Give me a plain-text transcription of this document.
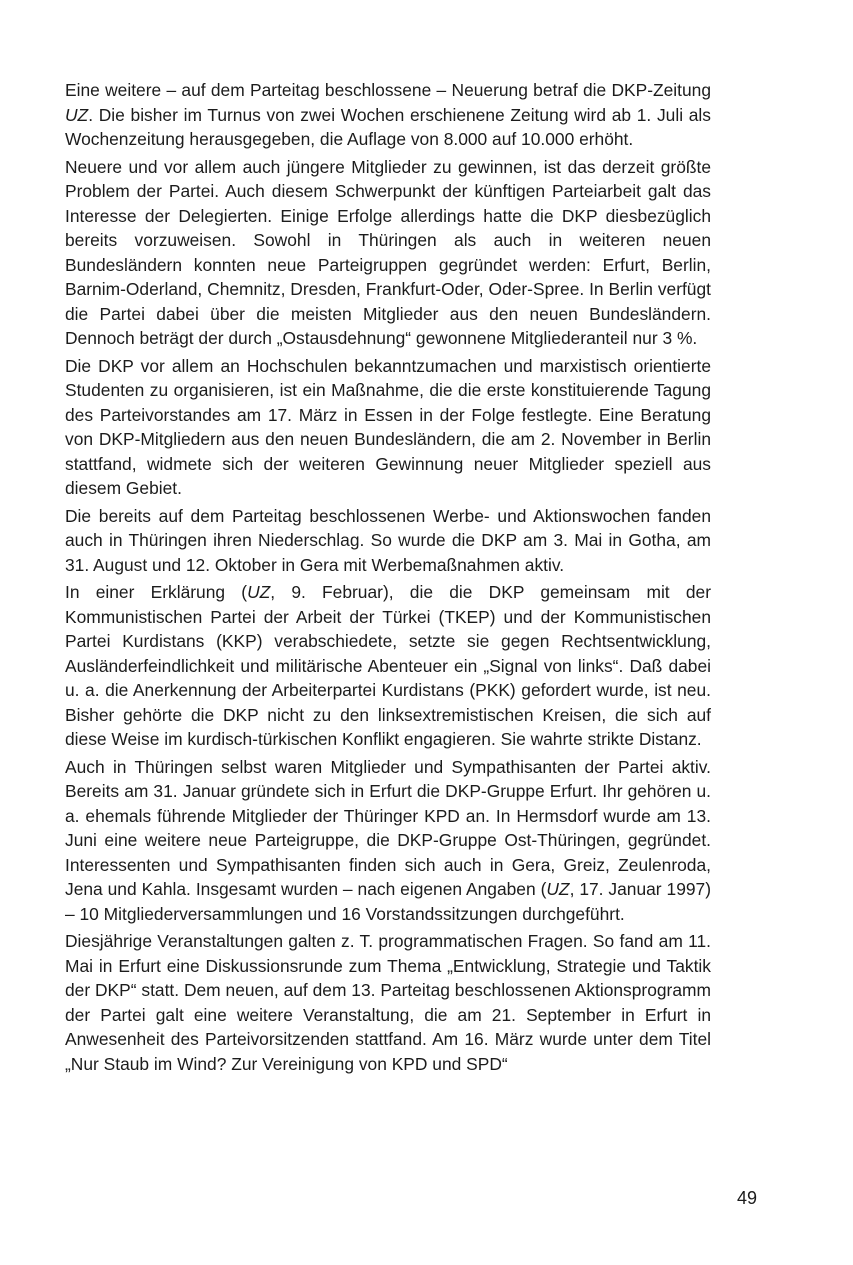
Eine weitere – auf dem Parteitag beschlossene – Neuerung betraf die DKP-Zeitung UZ. Die bisher im Turnus von zwei Wochen erschienene Zeitung wird ab 1. Juli als Wochenzeitung herausgegeben, die Auflage von 8.000 auf 10.000 erhöht.

Neuere und vor allem auch jüngere Mitglieder zu gewinnen, ist das derzeit größte Problem der Partei. Auch diesem Schwerpunkt der künftigen Parteiarbeit galt das Interesse der Delegierten. Einige Erfolge allerdings hatte die DKP diesbezüglich bereits vorzuweisen. Sowohl in Thüringen als auch in weiteren neuen Bundesländern konnten neue Parteigruppen gegründet werden: Erfurt, Berlin, Barnim-Oderland, Chemnitz, Dresden, Frankfurt-Oder, Oder-Spree. In Berlin verfügt die Partei dabei über die meisten Mitglieder aus den neuen Bundesländern. Dennoch beträgt der durch „Ostausdehnung“ gewonnene Mitgliederanteil nur 3 %.

Die DKP vor allem an Hochschulen bekanntzumachen und marxistisch orientierte Studenten zu organisieren, ist ein Maßnahme, die die erste konstituierende Tagung des Parteivorstandes am 17. März in Essen in der Folge festlegte. Eine Beratung von DKP-Mitgliedern aus den neuen Bundesländern, die am 2. November in Berlin stattfand, widmete sich der weiteren Gewinnung neuer Mitglieder speziell aus diesem Gebiet.

Die bereits auf dem Parteitag beschlossenen Werbe- und Aktionswochen fanden auch in Thüringen ihren Niederschlag. So wurde die DKP am 3. Mai in Gotha, am 31. August und 12. Oktober in Gera mit Werbemaßnahmen aktiv.

In einer Erklärung (UZ, 9. Februar), die die DKP gemeinsam mit der Kommunistischen Partei der Arbeit der Türkei (TKEP) und der Kommunistischen Partei Kurdistans (KKP) verabschiedete, setzte sie gegen Rechtsentwicklung, Ausländerfeindlichkeit und militärische Abenteuer ein „Signal von links“. Daß dabei u. a. die Anerkennung der Arbeiterpartei Kurdistans (PKK) gefordert wurde, ist neu. Bisher gehörte die DKP nicht zu den linksextremistischen Kreisen, die sich auf diese Weise im kurdisch-türkischen Konflikt engagieren. Sie wahrte strikte Distanz.

Auch in Thüringen selbst waren Mitglieder und Sympathisanten der Partei aktiv. Bereits am 31. Januar gründete sich in Erfurt die DKP-Gruppe Erfurt. Ihr gehören u. a. ehemals führende Mitglieder der Thüringer KPD an. In Hermsdorf wurde am 13. Juni eine weitere neue Parteigruppe, die DKP-Gruppe Ost-Thüringen, gegründet. Interessenten und Sympathisanten finden sich auch in Gera, Greiz, Zeulenroda, Jena und Kahla. Insgesamt wurden – nach eigenen Angaben (UZ, 17. Januar 1997) – 10 Mitgliederversammlungen und 16 Vorstandssitzungen durchgeführt.

Diesjährige Veranstaltungen galten z. T. programmatischen Fragen. So fand am 11. Mai in Erfurt eine Diskussionsrunde zum Thema „Entwicklung, Strategie und Taktik der DKP“ statt. Dem neuen, auf dem 13. Parteitag beschlossenen Aktionsprogramm der Partei galt eine weitere Veranstaltung, die am 21. September in Erfurt in Anwesenheit des Parteivorsitzenden stattfand. Am 16. März wurde unter dem Titel „Nur Staub im Wind? Zur Vereinigung von KPD und SPD“

49
